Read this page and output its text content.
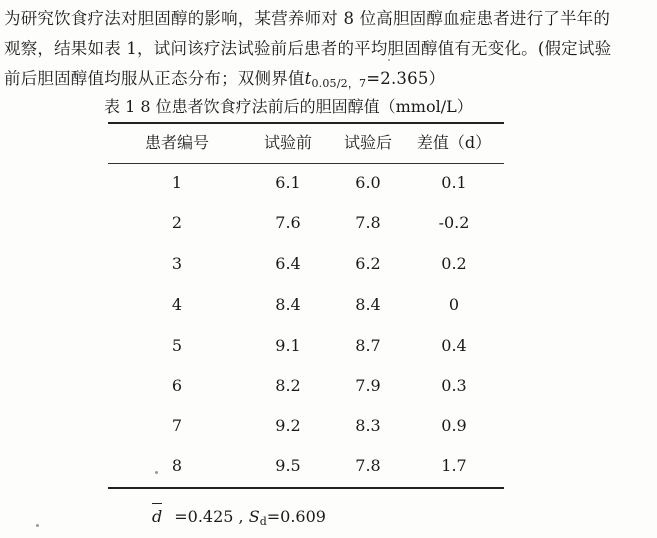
为研究饮食疗法对胆固醇的影响，某营养师对 8 位高胆固醇血症患者进行了半年的
观察，结果如表 1，试问该疗法试验前后患者的平均胆固醇值有无变化。(假定试验
前后胆固醇值均服从正态分布；双侧界值$t_{0.05/2,7}=2.365$）
表 1 8 位患者饮食疗法前后的胆固醇值（mmol/L）
患者编号	试验前	试验后	差值（d）
1	6.1	6.0	0.1
2	7.6	7.8	-0.2
3	6.4	6.2	0.2
4	8.4	8.4	0
5	9.1	8.7	0.4
6	8.2	7.9	0.3
7	9.2	8.3	0.9
8	9.5	7.8	1.7
d =0.425 , Sd=0.609
